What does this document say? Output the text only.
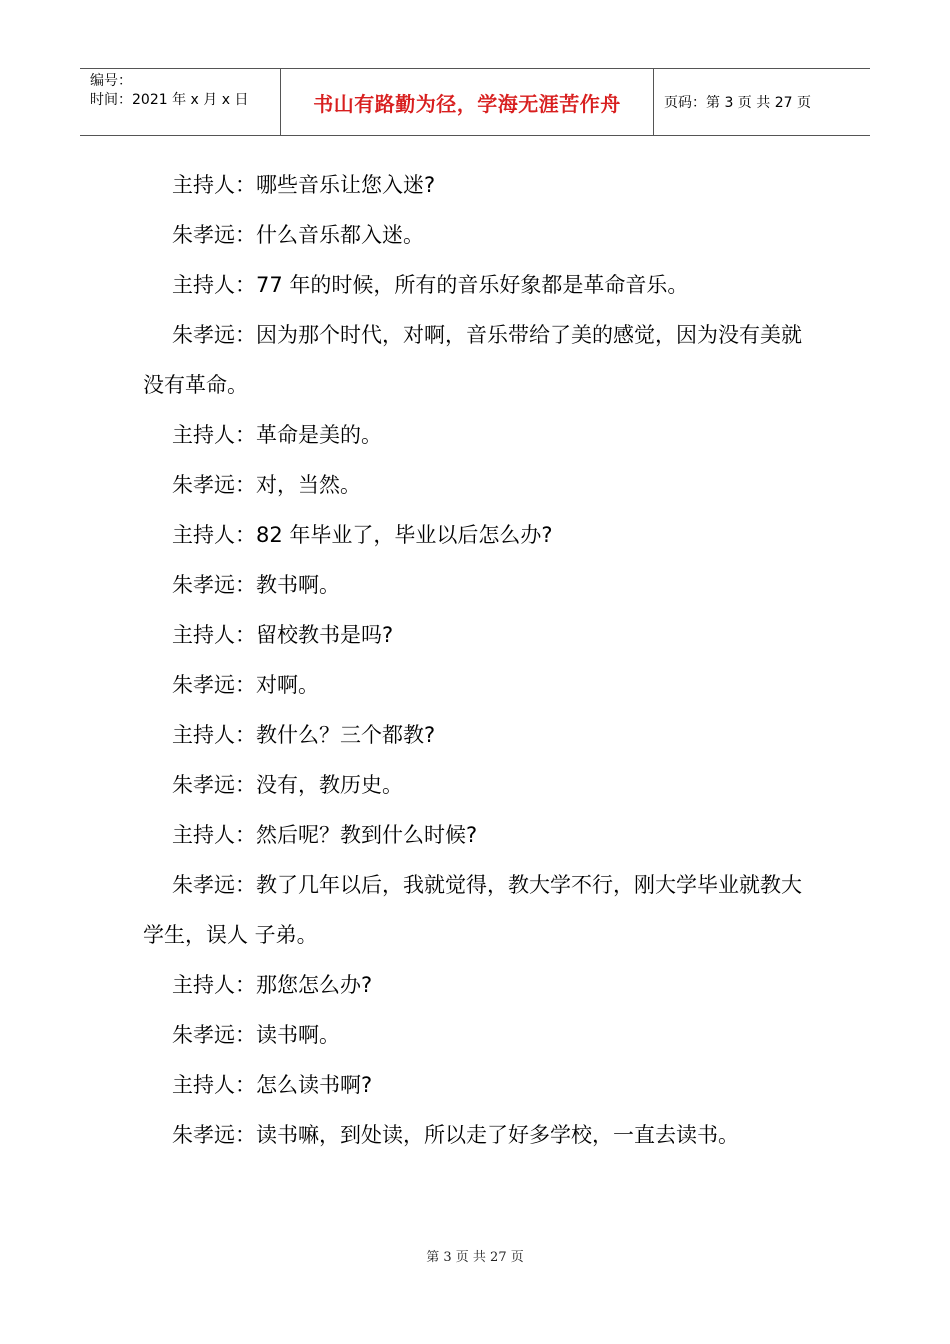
编号：
时间：2021 年 x 月 x 日	书山有路勤为径，学海无涯苦作舟	页码：第 3 页 共 27 页

主持人：哪些音乐让您入迷?

朱孝远：什么音乐都入迷。

主持人：77 年的时候，所有的音乐好象都是革命音乐。

朱孝远：因为那个时代，对啊，音乐带给了美的感觉，因为没有美就没有革命。

主持人：革命是美的。

朱孝远：对，当然。

主持人：82 年毕业了，毕业以后怎么办?

朱孝远：教书啊。

主持人：留校教书是吗?

朱孝远：对啊。

主持人：教什么？三个都教?

朱孝远：没有，教历史。

主持人：然后呢？教到什么时候?

朱孝远：教了几年以后，我就觉得，教大学不行，刚大学毕业就教大学生，误人 子弟。

主持人：那您怎么办?

朱孝远：读书啊。

主持人：怎么读书啊?

朱孝远：读书嘛，到处读，所以走了好多学校，一直去读书。

第 3 页 共 27 页
